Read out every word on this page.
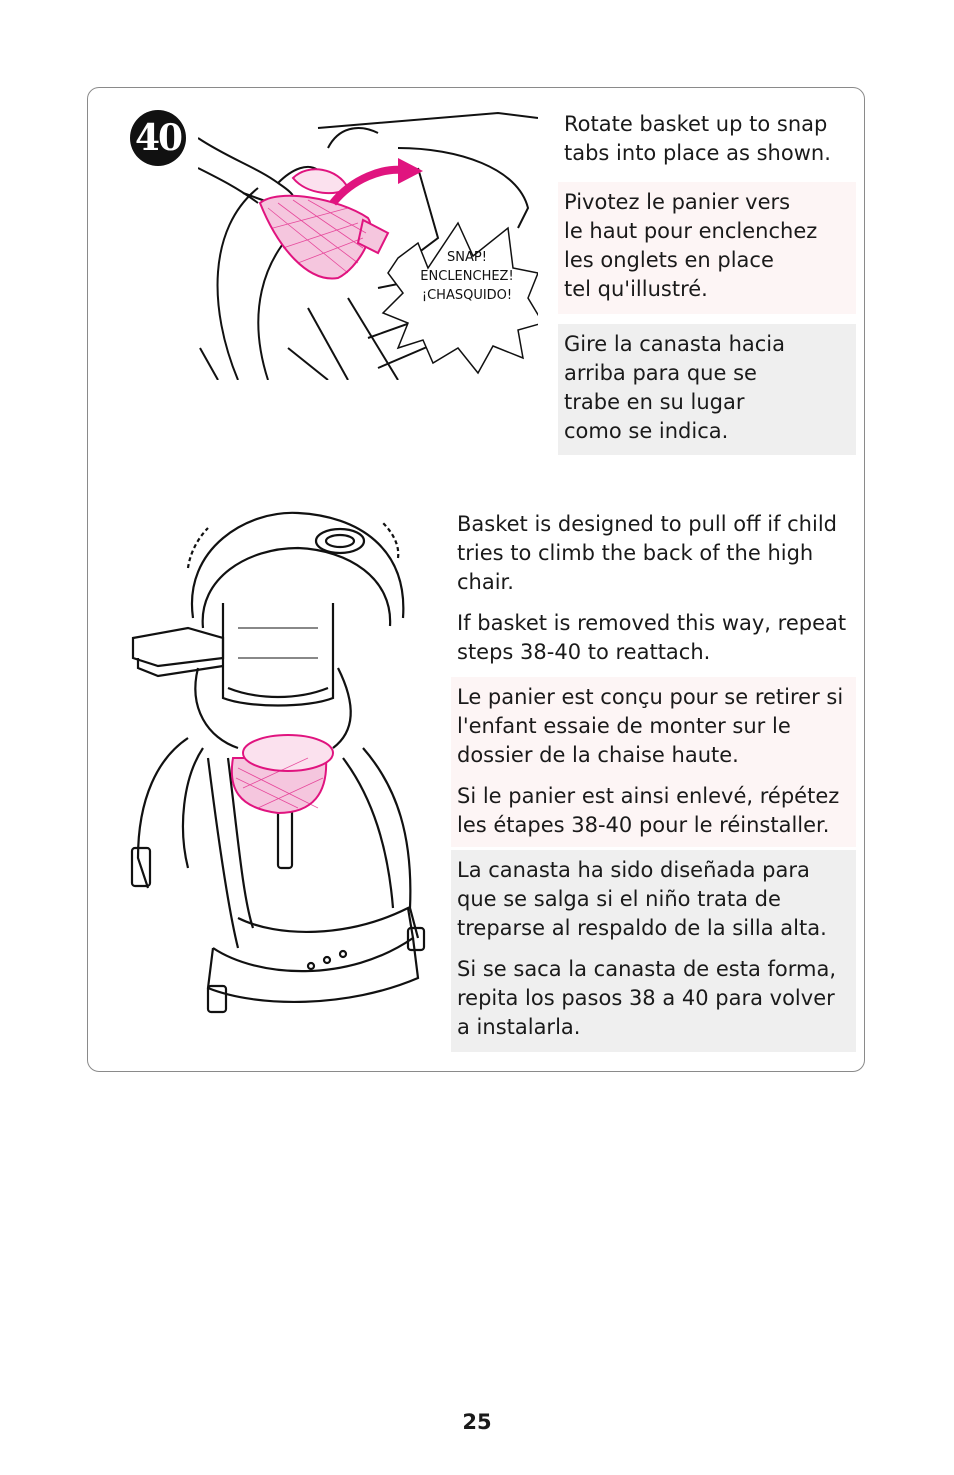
40
SNAP!
ENCLENCHEZ!
¡CHASQUIDO!

Rotate basket up to snap
tabs into place as shown.

Pivotez le panier vers
le haut pour enclenchez
les onglets en place
tel qu'illustré.

Gire la canasta hacia
arriba para que se
trabe en su lugar
como se indica.

Basket is designed to pull off if child
tries to climb the back of the high
chair.

If basket is removed this way, repeat
steps 38-40 to reattach.

Le panier est conçu pour se retirer si
l'enfant essaie de monter sur le
dossier de la chaise haute.

Si le panier est ainsi enlevé, répétez
les étapes 38-40 pour le réinstaller.

La canasta ha sido diseñada para
que se salga si el niño trata de
treparse al respaldo de la silla alta.

Si se saca la canasta de esta forma,
repita los pasos 38 a 40 para volver
a instalarla.

25
